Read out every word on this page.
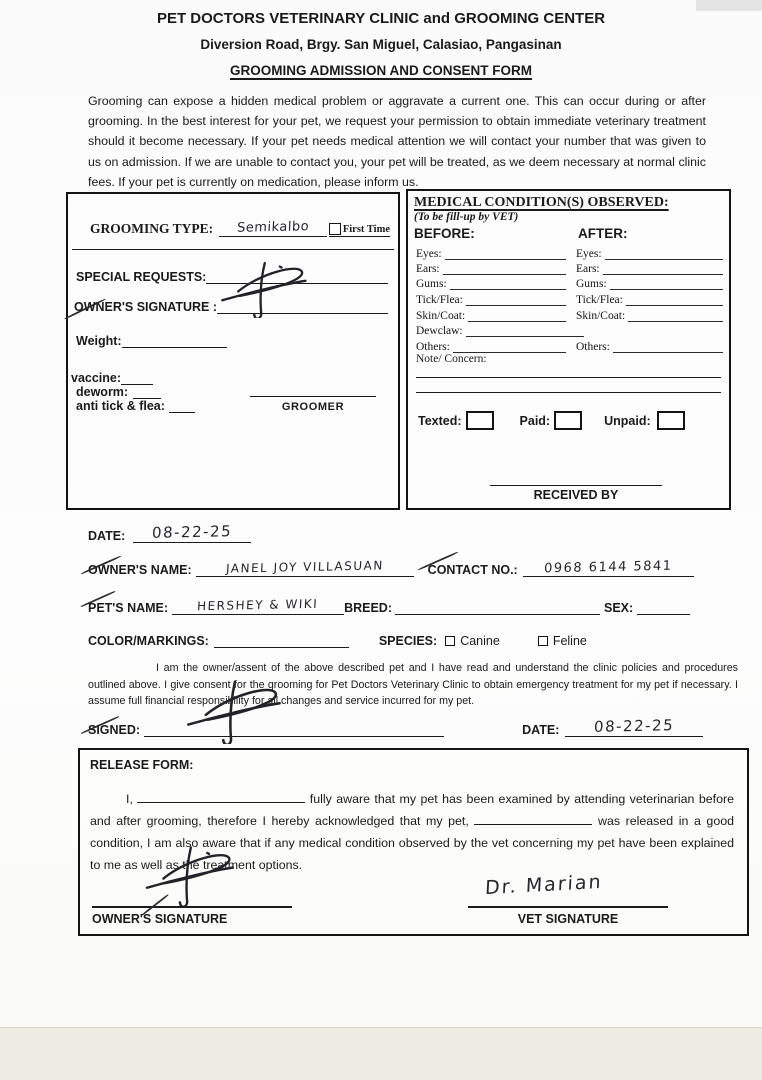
PET DOCTORS VETERINARY CLINIC and GROOMING CENTER
Diversion Road, Brgy. San Miguel, Calasiao, Pangasinan
GROOMING ADMISSION AND CONSENT FORM
Grooming can expose a hidden medical problem or aggravate a current one. This can occur during or after grooming. In the best interest for your pet, we request your permission to obtain immediate veterinary treatment should it become necessary. If your pet needs medical attention we will contact your number that was given to us on admission. If we are unable to contact you, your pet will be treated, as we deem necessary at normal clinic fees. If your pet is currently on medication, please inform us.
GROOMING TYPE:	Semikalbo	First Time
SPECIAL REQUESTS:
OWNER'S SIGNATURE :
Weight:
vaccine:
deworm:
anti tick & flea:	GROOMER
MEDICAL CONDITION(S) OBSERVED:
(To be fill-up by VET)
BEFORE:	AFTER:
Eyes:	Eyes:
Ears:	Ears:
Gums:	Gums:
Tick/Flea:	Tick/Flea:
Skin/Coat:	Skin/Coat:
Dewclaw:
Others:	Others:
Note/ Concern:
Texted:	Paid:	Unpaid:
RECEIVED BY
DATE:	08-22-25
OWNER'S NAME:	JANEL JOY VILLASUAN	CONTACT NO.:	0968 6144 5841
PET'S NAME:	HERSHEY & WIKI	BREED:	SEX:
COLOR/MARKINGS:	SPECIES: Canine	Feline
I am the owner/assent of the above described pet and I have read and understand the clinic policies and procedures outlined above. I give consent for the grooming for Pet Doctors Veterinary Clinic to obtain emergency treatment for my pet if necessary. I assume full financial responsibility for all changes and service incurred for my pet.
SIGNED:	DATE:	08-22-25
RELEASE FORM:
I,	fully aware that my pet has been examined by attending veterinarian before and after grooming, therefore I hereby acknowledged that my pet,	was released in a good condition, I am also aware that if any medical condition observed by the vet concerning my pet have been explained to me as well as the treatment options.
OWNER'S SIGNATURE
Dr. Marian
VET SIGNATURE
